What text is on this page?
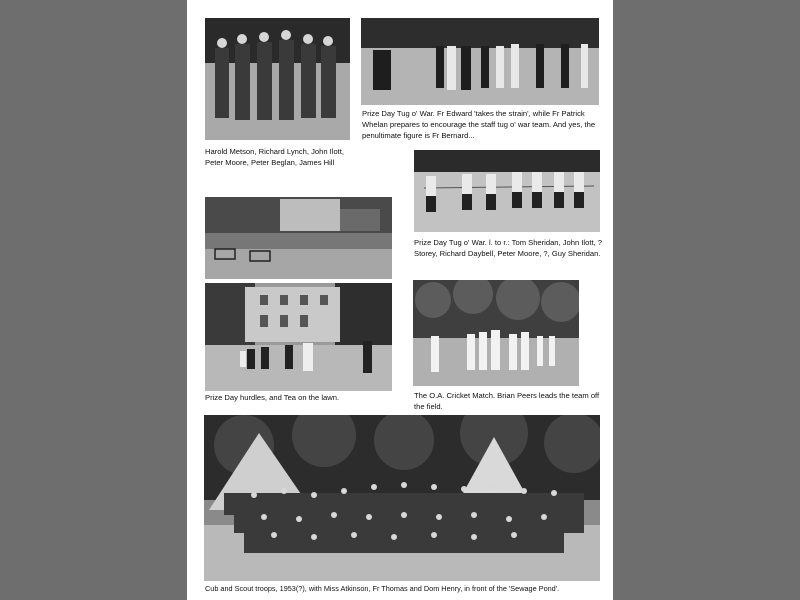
Prize Day Tug o' War. Fr Edward 'takes the strain', while Fr Patrick Whelan prepares to encourage the staff tug o' war team. And yes, the penultimate figure is Fr Bernard...
Harold Metson, Richard Lynch, John Ilott, Peter Moore, Peter Beglan, James Hill
Prize Day Tug o' War. l. to r.: Tom Sheridan, John Ilott, ? Storey, Richard Daybell, Peter Moore, ?, Guy Sheridan.
Prize Day hurdles, and Tea on the lawn.	The O.A. Cricket Match. Brian Peers leads the team off the field.
Cub and Scout troops, 1953(?), with Miss Atkinson, Fr Thomas and Dom Henry, in front of the 'Sewage Pond'.
